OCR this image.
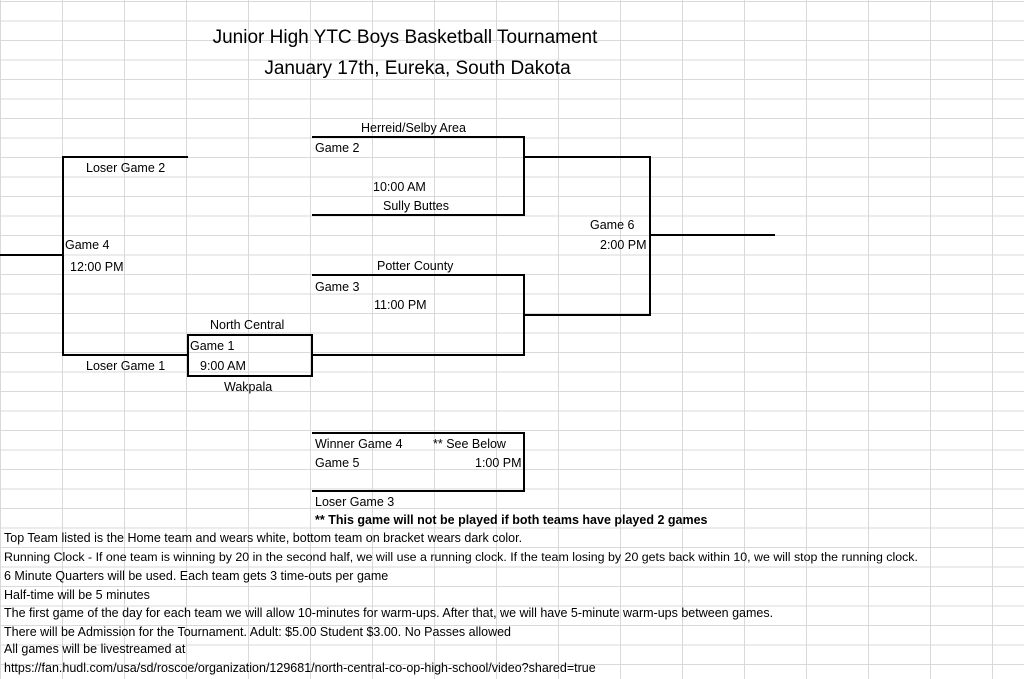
Junior High YTC Boys Basketball Tournament
January 17th, Eureka, South Dakota
Herreid/Selby Area
Game 2
10:00 AM
Sully Buttes
Potter County
Game 3
11:00 PM
North Central
Game 1
9:00 AM
Wakpala
Loser Game 2
Game 4
12:00 PM
Loser Game 1
Game 6
2:00 PM
Winner Game 4 ** See Below
Game 5	1:00 PM
Loser Game 3
** This game will not be played if both teams have played 2 games
Top Team listed is the Home team and wears white, bottom team on bracket wears dark color.
Running Clock - If one team is winning by 20 in the second half, we will use a running clock. If the team losing by 20 gets back within 10, we will stop the running clock.
6 Minute Quarters will be used. Each team gets 3 time-outs per game
Half-time will be 5 minutes
The first game of the day for each team we will allow 10-minutes for warm-ups. After that, we will have 5-minute warm-ups between games.
There will be Admission for the Tournament. Adult: $5.00 Student $3.00. No Passes allowed
All games will be livestreamed at
https://fan.hudl.com/usa/sd/roscoe/organization/129681/north-central-co-op-high-school/video?shared=true
